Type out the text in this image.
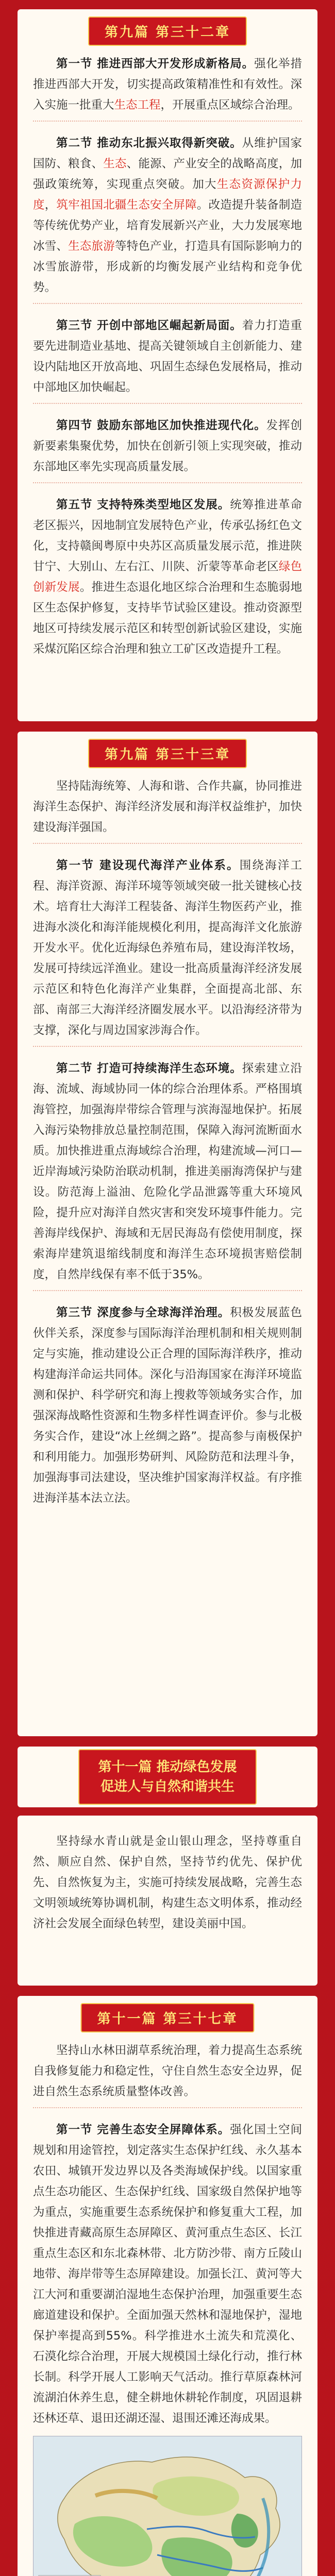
第九篇 第三十二章

第一节 推进西部大开发形成新格局。强化举措推进西部大开发，切实提高政策精准性和有效性。深入实施一批重大生态工程，开展重点区域综合治理。

第二节 推动东北振兴取得新突破。从维护国家国防、粮食、生态、能源、产业安全的战略高度，加强政策统筹，实现重点突破。加大生态资源保护力度，筑牢祖国北疆生态安全屏障。改造提升装备制造等传统优势产业，培育发展新兴产业，大力发展寒地冰雪、生态旅游等特色产业，打造具有国际影响力的冰雪旅游带，形成新的均衡发展产业结构和竞争优势。

第三节 开创中部地区崛起新局面。着力打造重要先进制造业基地、提高关键领域自主创新能力、建设内陆地区开放高地、巩固生态绿色发展格局，推动中部地区加快崛起。

第四节 鼓励东部地区加快推进现代化。发挥创新要素集聚优势，加快在创新引领上实现突破，推动东部地区率先实现高质量发展。

第五节 支持特殊类型地区发展。统筹推进革命老区振兴，因地制宜发展特色产业，传承弘扬红色文化，支持赣闽粤原中央苏区高质量发展示范，推进陕甘宁、大别山、左右江、川陕、沂蒙等革命老区绿色创新发展。推进生态退化地区综合治理和生态脆弱地区生态保护修复，支持毕节试验区建设。推动资源型地区可持续发展示范区和转型创新试验区建设，实施采煤沉陷区综合治理和独立工矿区改造提升工程。

第九篇 第三十三章

坚持陆海统筹、人海和谐、合作共赢，协同推进海洋生态保护、海洋经济发展和海洋权益维护，加快建设海洋强国。

第一节 建设现代海洋产业体系。围绕海洋工程、海洋资源、海洋环境等领域突破一批关键核心技术。培育壮大海洋工程装备、海洋生物医药产业，推进海水淡化和海洋能规模化利用，提高海洋文化旅游开发水平。优化近海绿色养殖布局，建设海洋牧场，发展可持续远洋渔业。建设一批高质量海洋经济发展示范区和特色化海洋产业集群，全面提高北部、东部、南部三大海洋经济圈发展水平。以沿海经济带为支撑，深化与周边国家涉海合作。

第二节 打造可持续海洋生态环境。探索建立沿海、流域、海域协同一体的综合治理体系。严格围填海管控，加强海岸带综合管理与滨海湿地保护。拓展入海污染物排放总量控制范围，保障入海河流断面水质。加快推进重点海域综合治理，构建流域—河口—近岸海域污染防治联动机制，推进美丽海湾保护与建设。防范海上溢油、危险化学品泄露等重大环境风险，提升应对海洋自然灾害和突发环境事件能力。完善海岸线保护、海域和无居民海岛有偿使用制度，探索海岸建筑退缩线制度和海洋生态环境损害赔偿制度，自然岸线保有率不低于35%。

第三节 深度参与全球海洋治理。积极发展蓝色伙伴关系，深度参与国际海洋治理机制和相关规则制定与实施，推动建设公正合理的国际海洋秩序，推动构建海洋命运共同体。深化与沿海国家在海洋环境监测和保护、科学研究和海上搜救等领域务实合作，加强深海战略性资源和生物多样性调查评价。参与北极务实合作，建设“冰上丝绸之路”。提高参与南极保护和利用能力。加强形势研判、风险防范和法理斗争，加强海事司法建设，坚决维护国家海洋权益。有序推进海洋基本法立法。

第十一篇 推动绿色发展
促进人与自然和谐共生

坚持绿水青山就是金山银山理念，坚持尊重自然、顺应自然、保护自然，坚持节约优先、保护优先、自然恢复为主，实施可持续发展战略，完善生态文明领域统筹协调机制，构建生态文明体系，推动经济社会发展全面绿色转型，建设美丽中国。

第十一篇 第三十七章

坚持山水林田湖草系统治理，着力提高生态系统自我修复能力和稳定性，守住自然生态安全边界，促进自然生态系统质量整体改善。

第一节 完善生态安全屏障体系。强化国土空间规划和用途管控，划定落实生态保护红线、永久基本农田、城镇开发边界以及各类海域保护线。以国家重点生态功能区、生态保护红线、国家级自然保护地等为重点，实施重要生态系统保护和修复重大工程，加快推进青藏高原生态屏障区、黄河重点生态区、长江重点生态区和东北森林带、北方防沙带、南方丘陵山地带、海岸带等生态屏障建设。加强长江、黄河等大江大河和重要湖泊湿地生态保护治理，加强重要生态廊道建设和保护。全面加强天然林和湿地保护，湿地保护率提高到55%。科学推进水土流失和荒漠化、石漠化综合治理，开展大规模国土绿化行动，推行林长制。科学开展人工影响天气活动。推行草原森林河流湖泊休养生息，健全耕地休耕轮作制度，巩固退耕还林还草、退田还湖还湿、退围还滩还海成果。
